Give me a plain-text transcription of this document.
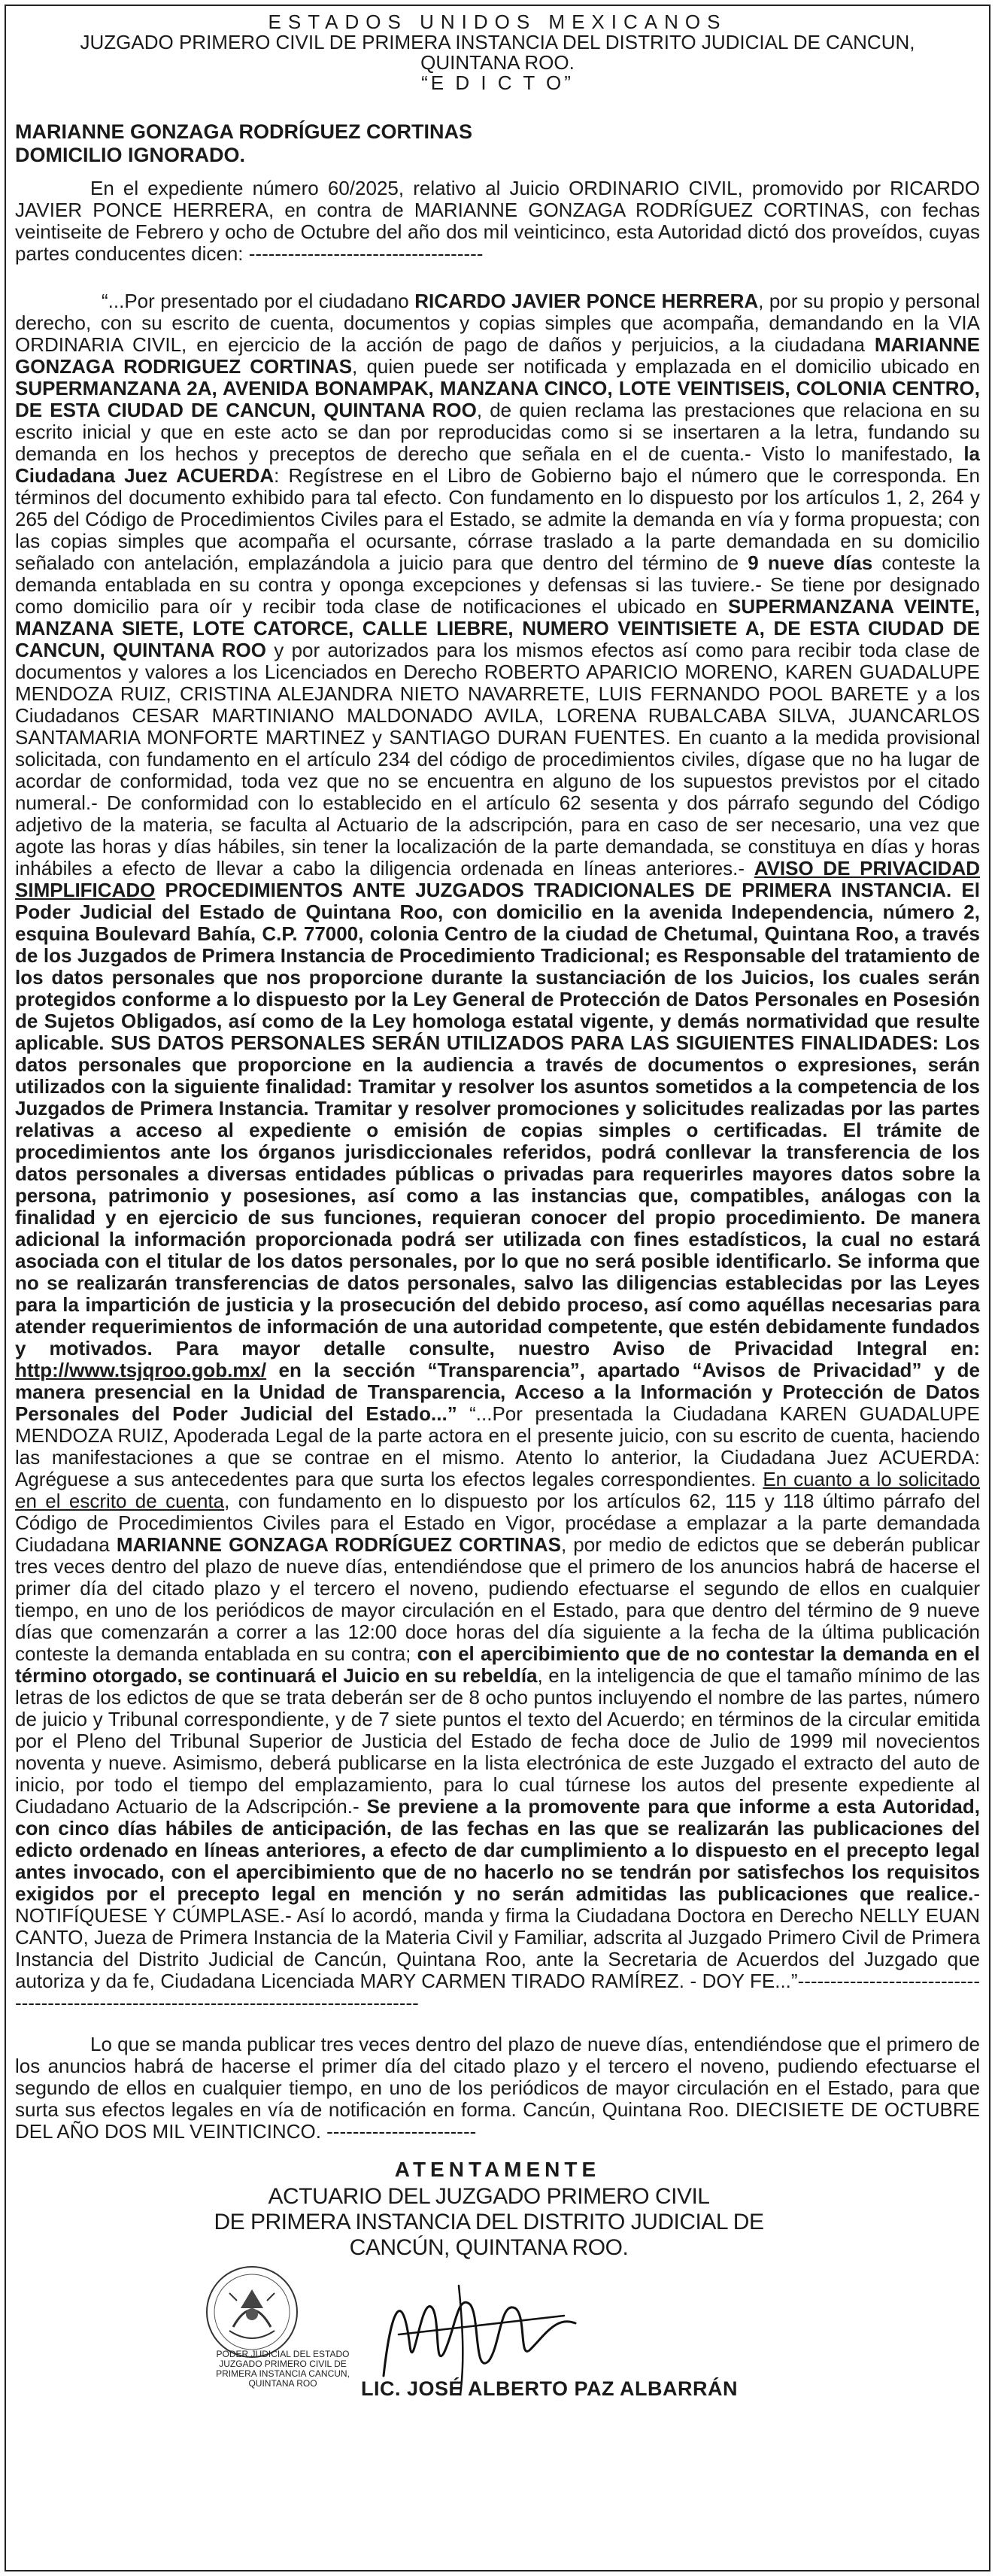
ESTADOS UNIDOS MEXICANOS

JUZGADO PRIMERO CIVIL DE PRIMERA INSTANCIA DEL DISTRITO JUDICIAL DE CANCUN,

QUINTANA ROO.

“E D I C T O”

MARIANNE GONZAGA RODRÍGUEZ CORTINAS
DOMICILIO IGNORADO.

En el expediente número 60/2025, relativo al Juicio ORDINARIO CIVIL, promovido por RICARDO JAVIER PONCE HERRERA, en contra de MARIANNE GONZAGA RODRÍGUEZ CORTINAS, con fechas veintiseite de Febrero y ocho de Octubre del año dos mil veinticinco, esta Autoridad dictó dos proveídos, cuyas partes conducentes dicen: ------------------------------------

“...Por presentado por el ciudadano RICARDO JAVIER PONCE HERRERA, por su propio y personal derecho, con su escrito de cuenta, documentos y copias simples que acompaña, demandando en la VIA ORDINARIA CIVIL, en ejercicio de la acción de pago de daños y perjuicios, a la ciudadana MARIANNE GONZAGA RODRIGUEZ CORTINAS, quien puede ser notificada y emplazada en el domicilio ubicado en SUPERMANZANA 2A, AVENIDA BONAMPAK, MANZANA CINCO, LOTE VEINTISEIS, COLONIA CENTRO, DE ESTA CIUDAD DE CANCUN, QUINTANA ROO, de quien reclama las prestaciones que relaciona en su escrito inicial y que en este acto se dan por reproducidas como si se insertaren a la letra, fundando su demanda en los hechos y preceptos de derecho que señala en el de cuenta.- Visto lo manifestado, la Ciudadana Juez ACUERDA: Regístrese en el Libro de Gobierno bajo el número que le corresponda. En términos del documento exhibido para tal efecto. Con fundamento en lo dispuesto por los artículos 1, 2, 264 y 265 del Código de Procedimientos Civiles para el Estado, se admite la demanda en vía y forma propuesta; con las copias simples que acompaña el ocursante, córrase traslado a la parte demandada en su domicilio señalado con antelación, emplazándola a juicio para que dentro del término de 9 nueve días conteste la demanda entablada en su contra y oponga excepciones y defensas si las tuviere.- Se tiene por designado como domicilio para oír y recibir toda clase de notificaciones el ubicado en SUPERMANZANA VEINTE, MANZANA SIETE, LOTE CATORCE, CALLE LIEBRE, NUMERO VEINTISIETE A, DE ESTA CIUDAD DE CANCUN, QUINTANA ROO y por autorizados para los mismos efectos así como para recibir toda clase de documentos y valores a los Licenciados en Derecho ROBERTO APARICIO MORENO, KAREN GUADALUPE MENDOZA RUIZ, CRISTINA ALEJANDRA NIETO NAVARRETE, LUIS FERNANDO POOL BARETE y a los Ciudadanos CESAR MARTINIANO MALDONADO AVILA, LORENA RUBALCABA SILVA, JUANCARLOS SANTAMARIA MONFORTE MARTINEZ y SANTIAGO DURAN FUENTES. En cuanto a la medida provisional solicitada, con fundamento en el artículo 234 del código de procedimientos civiles, dígase que no ha lugar de acordar de conformidad, toda vez que no se encuentra en alguno de los supuestos previstos por el citado numeral.- De conformidad con lo establecido en el artículo 62 sesenta y dos párrafo segundo del Código adjetivo de la materia, se faculta al Actuario de la adscripción, para en caso de ser necesario, una vez que agote las horas y días hábiles, sin tener la localización de la parte demandada, se constituya en días y horas inhábiles a efecto de llevar a cabo la diligencia ordenada en líneas anteriores.- AVISO DE PRIVACIDAD SIMPLIFICADO PROCEDIMIENTOS ANTE JUZGADOS TRADICIONALES DE PRIMERA INSTANCIA. El Poder Judicial del Estado de Quintana Roo, con domicilio en la avenida Independencia, número 2, esquina Boulevard Bahía, C.P. 77000, colonia Centro de la ciudad de Chetumal, Quintana Roo, a través de los Juzgados de Primera Instancia de Procedimiento Tradicional; es Responsable del tratamiento de los datos personales que nos proporcione durante la sustanciación de los Juicios, los cuales serán protegidos conforme a lo dispuesto por la Ley General de Protección de Datos Personales en Posesión de Sujetos Obligados, así como de la Ley homologa estatal vigente, y demás normatividad que resulte aplicable. SUS DATOS PERSONALES SERÁN UTILIZADOS PARA LAS SIGUIENTES FINALIDADES: Los datos personales que proporcione en la audiencia a través de documentos o expresiones, serán utilizados con la siguiente finalidad: Tramitar y resolver los asuntos sometidos a la competencia de los Juzgados de Primera Instancia. Tramitar y resolver promociones y solicitudes realizadas por las partes relativas a acceso al expediente o emisión de copias simples o certificadas. El trámite de procedimientos ante los órganos jurisdiccionales referidos, podrá conllevar la transferencia de los datos personales a diversas entidades públicas o privadas para requerirles mayores datos sobre la persona, patrimonio y posesiones, así como a las instancias que, compatibles, análogas con la finalidad y en ejercicio de sus funciones, requieran conocer del propio procedimiento. De manera adicional la información proporcionada podrá ser utilizada con fines estadísticos, la cual no estará asociada con el titular de los datos personales, por lo que no será posible identificarlo. Se informa que no se realizarán transferencias de datos personales, salvo las diligencias establecidas por las Leyes para la impartición de justicia y la prosecución del debido proceso, así como aquéllas necesarias para atender requerimientos de información de una autoridad competente, que estén debidamente fundados y motivados. Para mayor detalle consulte, nuestro Aviso de Privacidad Integral en: http://www.tsjqroo.gob.mx/ en la sección “Transparencia”, apartado “Avisos de Privacidad” y de manera presencial en la Unidad de Transparencia, Acceso a la Información y Protección de Datos Personales del Poder Judicial del Estado...” “...Por presentada la Ciudadana KAREN GUADALUPE MENDOZA RUIZ, Apoderada Legal de la parte actora en el presente juicio, con su escrito de cuenta, haciendo las manifestaciones a que se contrae en el mismo. Atento lo anterior, la Ciudadana Juez ACUERDA: Agréguese a sus antecedentes para que surta los efectos legales correspondientes. En cuanto a lo solicitado en el escrito de cuenta, con fundamento en lo dispuesto por los artículos 62, 115 y 118 último párrafo del Código de Procedimientos Civiles para el Estado en Vigor, procédase a emplazar a la parte demandada Ciudadana MARIANNE GONZAGA RODRÍGUEZ CORTINAS, por medio de edictos que se deberán publicar tres veces dentro del plazo de nueve días, entendiéndose que el primero de los anuncios habrá de hacerse el primer día del citado plazo y el tercero el noveno, pudiendo efectuarse el segundo de ellos en cualquier tiempo, en uno de los periódicos de mayor circulación en el Estado, para que dentro del término de 9 nueve días que comenzarán a correr a las 12:00 doce horas del día siguiente a la fecha de la última publicación conteste la demanda entablada en su contra; con el apercibimiento que de no contestar la demanda en el término otorgado, se continuará el Juicio en su rebeldía, en la inteligencia de que el tamaño mínimo de las letras de los edictos de que se trata deberán ser de 8 ocho puntos incluyendo el nombre de las partes, número de juicio y Tribunal correspondiente, y de 7 siete puntos el texto del Acuerdo; en términos de la circular emitida por el Pleno del Tribunal Superior de Justicia del Estado de fecha doce de Julio de 1999 mil novecientos noventa y nueve. Asimismo, deberá publicarse en la lista electrónica de este Juzgado el extracto del auto de inicio, por todo el tiempo del emplazamiento, para lo cual túrnese los autos del presente expediente al Ciudadano Actuario de la Adscripción.- Se previene a la promovente para que informe a esta Autoridad, con cinco días hábiles de anticipación, de las fechas en las que se realizarán las publicaciones del edicto ordenado en líneas anteriores, a efecto de dar cumplimiento a lo dispuesto en el precepto legal antes invocado, con el apercibimiento que de no hacerlo no se tendrán por satisfechos los requisitos exigidos por el precepto legal en mención y no serán admitidas las publicaciones que realice.- NOTIFÍQUESE Y CÚMPLASE.- Así lo acordó, manda y firma la Ciudadana Doctora en Derecho NELLY EUAN CANTO, Jueza de Primera Instancia de la Materia Civil y Familiar, adscrita al Juzgado Primero Civil de Primera Instancia del Distrito Judicial de Cancún, Quintana Roo, ante la Secretaria de Acuerdos del Juzgado que autoriza y da fe, Ciudadana Licenciada MARY CARMEN TIRADO RAMÍREZ. - DOY FE...”------------------------------------------------------------------------------------------

Lo que se manda publicar tres veces dentro del plazo de nueve días, entendiéndose que el primero de los anuncios habrá de hacerse el primer día del citado plazo y el tercero el noveno, pudiendo efectuarse el segundo de ellos en cualquier tiempo, en uno de los periódicos de mayor circulación en el Estado, para que surta sus efectos legales en vía de notificación en forma. Cancún, Quintana Roo. DIECISIETE DE OCTUBRE DEL AÑO DOS MIL VEINTICINCO. -----------------------

ATENTAMENTE
ACTUARIO DEL JUZGADO PRIMERO CIVIL
DE PRIMERA INSTANCIA DEL DISTRITO JUDICIAL DE
CANCÚN, QUINTANA ROO.
PODER JUDICIAL DEL ESTADO JUZGADO PRIMERO CIVIL DE PRIMERA INSTANCIA CANCUN, QUINTANA ROO	LIC. JOSÉ ALBERTO PAZ ALBARRÁN
